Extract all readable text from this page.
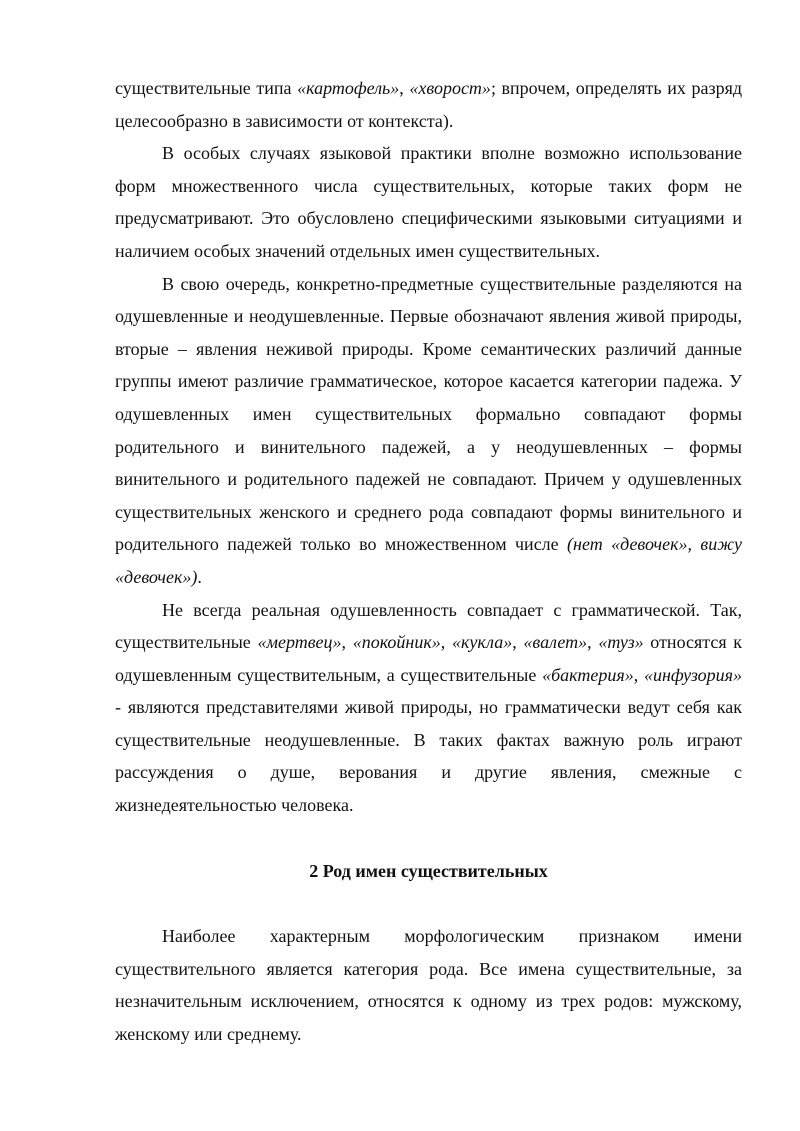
существительные типа «картофель», «хворост»; впрочем, определять их разряд целесообразно в зависимости от контекста).

В особых случаях языковой практики вполне возможно использование форм множественного числа существительных, которые таких форм не предусматривают. Это обусловлено специфическими языковыми ситуациями и наличием особых значений отдельных имен существительных.

В свою очередь, конкретно-предметные существительные разделяются на одушевленные и неодушевленные. Первые обозначают явления живой природы, вторые – явления неживой природы. Кроме семантических различий данные группы имеют различие грамматическое, которое касается категории падежа. У одушевленных имен существительных формально совпадают формы родительного и винительного падежей, а у неодушевленных – формы винительного и родительного падежей не совпадают. Причем у одушевленных существительных женского и среднего рода совпадают формы винительного и родительного падежей только во множественном числе (нет «девочек», вижу «девочек»).

Не всегда реальная одушевленность совпадает с грамматической. Так, существительные «мертвец», «покойник», «кукла», «валет», «туз» относятся к одушевленным существительным, а существительные «бактерия», «инфузория» - являются представителями живой природы, но грамматически ведут себя как существительные неодушевленные. В таких фактах важную роль играют рассуждения о душе, верования и другие явления, смежные с жизнедеятельностью человека.

2 Род имен существительных

Наиболее характерным морфологическим признаком имени существительного является категория рода. Все имена существительные, за незначительным исключением, относятся к одному из трех родов: мужскому, женскому или среднему.
